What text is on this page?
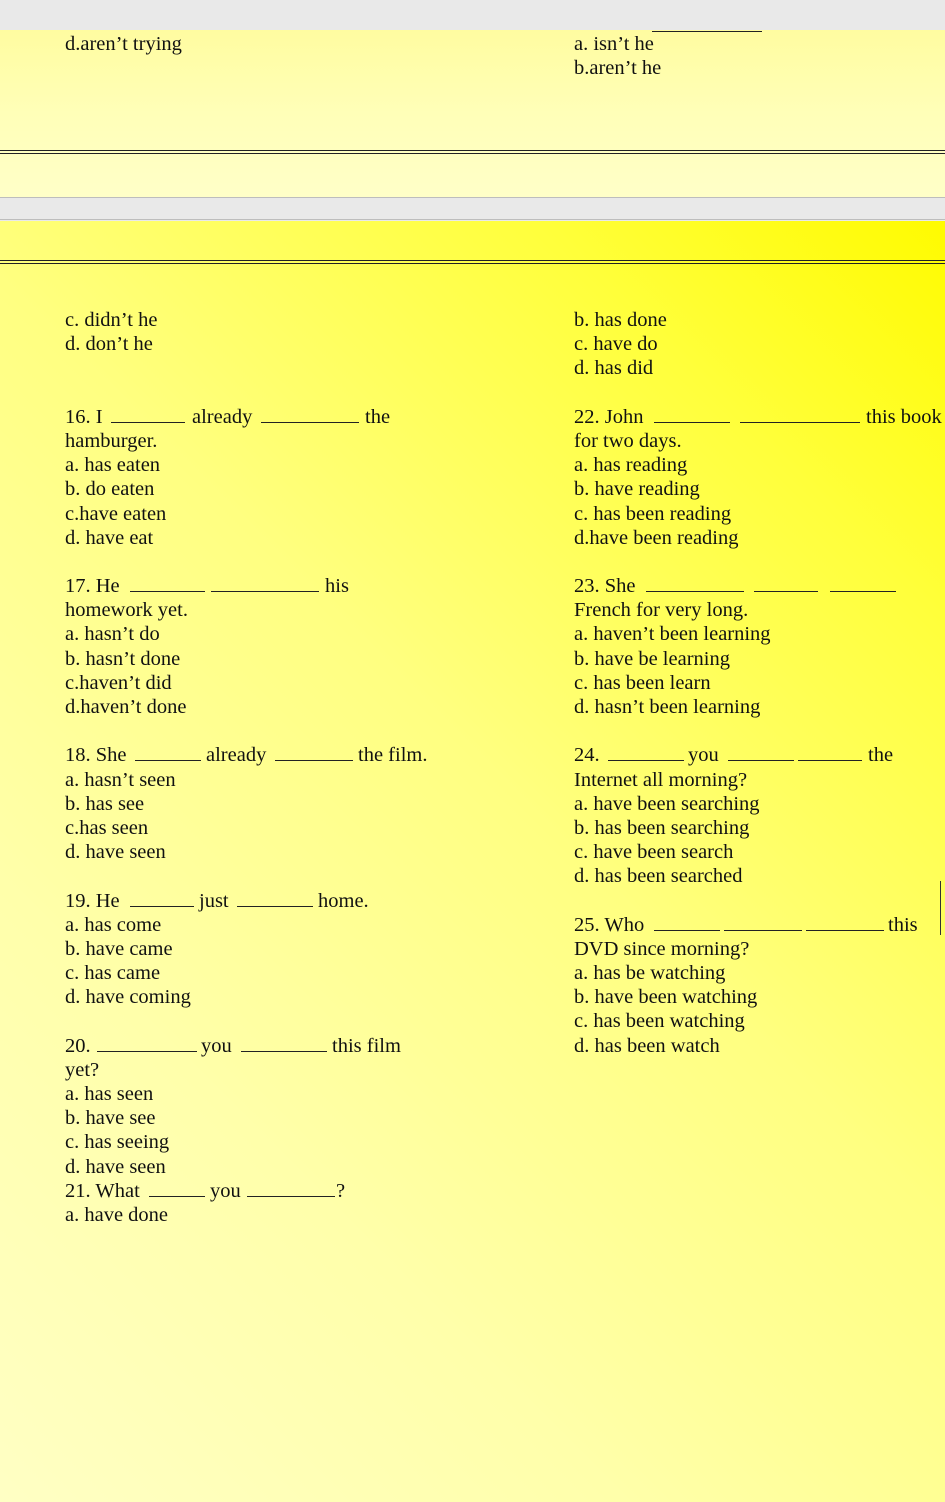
d.aren’t trying	a. isn’t he
b.aren’t he
c. didn’t he
d. don’t he
16. I	already	the
hamburger.
a. has eaten
b. do eaten
c.have eaten
d. have eat
17. He	his
homework yet.
a. hasn’t do
b. hasn’t done
c.haven’t did
d.haven’t done
18. She	already	the film.
a. hasn’t seen
b. has see
c.has seen
d. have seen
19. He	just	home.
a. has come
b. have came
c. has came
d. have coming
20.	you	this film
yet?
a. has seen
b. have see
c. has seeing
d. have seen
21. What	you	?
a. have done
b. has done
c. have do
d. has did
22. John	this book
for two days.
a. has reading
b. have reading
c. has been reading
d.have been reading
23. She
French for very long.
a. haven’t been learning
b. have be learning
c. has been learn
d. hasn’t been learning
24.	you	the
Internet all morning?
a. have been searching
b. has been searching
c. have been search
d. has been searched
25. Who	this
DVD since morning?
a. has be watching
b. have been watching
c. has been watching
d. has been watch
